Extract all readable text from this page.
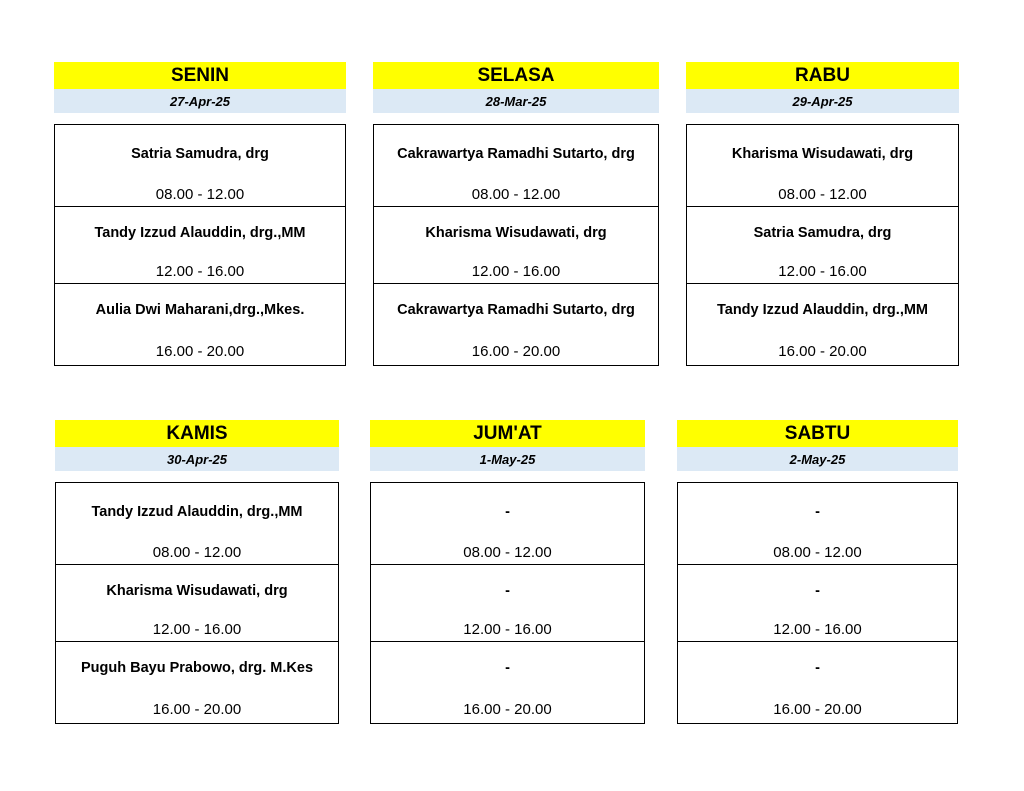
SENIN
27-Apr-25
Satria Samudra, drg
08.00 - 12.00
Tandy Izzud Alauddin, drg.,MM
12.00 - 16.00
Aulia Dwi Maharani,drg.,Mkes.
16.00 - 20.00
SELASA
28-Mar-25
Cakrawartya Ramadhi Sutarto, drg
08.00 - 12.00
Kharisma Wisudawati, drg
12.00 - 16.00
Cakrawartya Ramadhi Sutarto, drg
16.00 - 20.00
RABU
29-Apr-25
Kharisma Wisudawati, drg
08.00 - 12.00
Satria Samudra, drg
12.00 - 16.00
Tandy Izzud Alauddin, drg.,MM
16.00 - 20.00
KAMIS
30-Apr-25
Tandy Izzud Alauddin, drg.,MM
08.00 - 12.00
Kharisma Wisudawati, drg
12.00 - 16.00
Puguh Bayu Prabowo, drg. M.Kes
16.00 - 20.00
JUM'AT
1-May-25
-
08.00 - 12.00
-
12.00 - 16.00
-
16.00 - 20.00
SABTU
2-May-25
-
08.00 - 12.00
-
12.00 - 16.00
-
16.00 - 20.00
